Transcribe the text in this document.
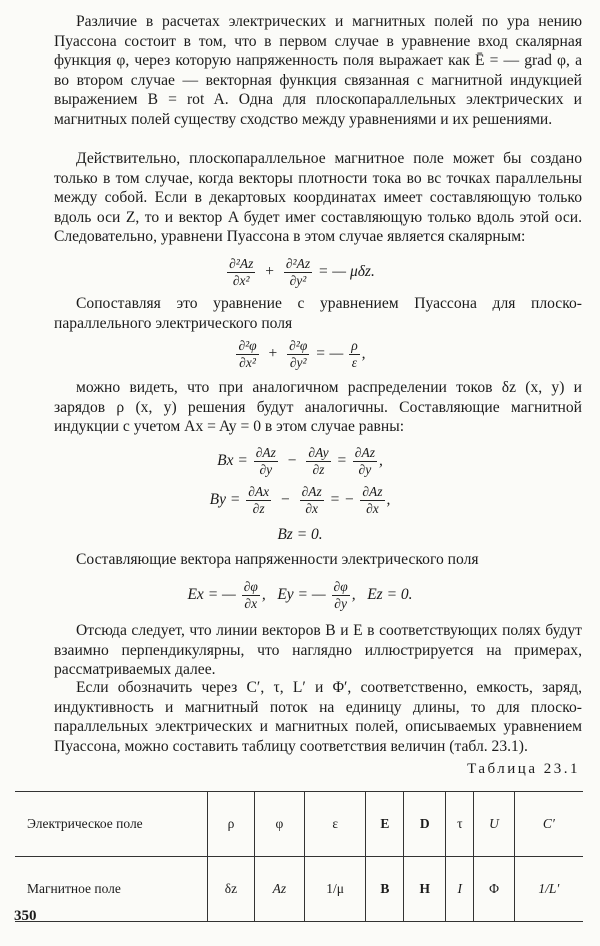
Различие в расчетах электрических и магнитных полей по ура нению Пуассона состоит в том, что в первом случае в уравнение вход скалярная функция φ, через которую напряженность поля выражает как Ē = — grad φ, а во втором случае — векторная функция связанная с магнитной индукцией выражением B = rot A. Одна для плоскопараллельных электрических и магнитных полей существу сходство между уравнениями и их решениями.

Действительно, плоскопараллельное магнитное поле может бы создано только в том случае, когда векторы плотности тока во вс точках параллельны между собой. Если в декартовых координатах имеет составляющую только вдоль оси Z, то и вектор A будет имеr составляющую только вдоль этой оси. Следовательно, уравнени Пуассона в этом случае является скалярным:

$\frac{\text{∂²Az}}{\text{∂x²}} + \frac{\text{∂²Az}}{\text{∂y²}}$ = — μδz.

Сопоставляя это уравнение с уравнением Пуассона для плоско-параллельного электрического поля

$\frac{\text{∂²φ}}{\text{∂x²}} + \frac{\text{∂²φ}}{\text{∂y²}}$ = — $\frac{\rho}{\varepsilon}$ ,

можно видеть, что при аналогичном распределении токов δz (x, y) и зарядов ρ (x, y) решения будут аналогичны. Составляющие магнитной индукции с учетом Ax = Ay = 0 в этом случае равны:

$Bx = \frac{\partial Az}{\partial y} - \frac{\partial Ay}{\partial z} = \frac{\partial Az}{\partial y}$ ,
$By = \frac{\partial Ax}{\partial z} - \frac{\partial Az}{\partial x}$ = − $\frac{\partial Az}{\partial x}$ ,
Bz = 0.

Составляющие вектора напряженности электрического поля

Ex = — $\frac{\partial\varphi}{\partial x}$ , Ey = — $\frac{\partial\varphi}{\partial y}$ , Ez = 0.

Отсюда следует, что линии векторов B и E в соответствующих полях будут взаимно перпендикулярны, что наглядно иллюстрируется на примерах, рассматриваемых далее.

Если обозначить через C′, τ, L′ и Φ′, соответственно, емкость, заряд, индуктивность и магнитный поток на единицу длины, то для плоско-параллельных электрических и магнитных полей, описываемых уравнением Пуассона, можно составить таблицу соответствия величин (табл. 23.1).

Таблица 23.1
Электрическое поле	ρ	φ	ε	E	D	τ	U	C′
Магнитное поле	δz	Az	1/μ	B	H	I	Φ	1/L′
350
